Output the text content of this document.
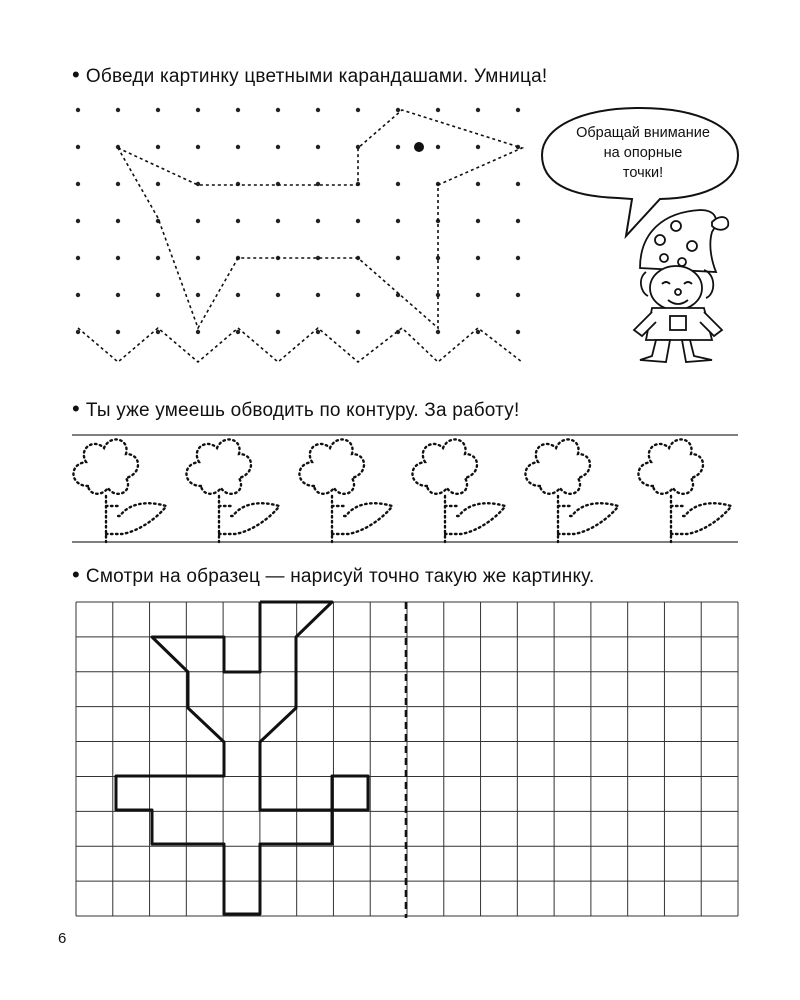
• Обведи картинку цветными карандашами. Умница!
• Ты уже умеешь обводить по контуру. За работу!
• Смотри на образец — нарисуй точно такую же картинку.
Обращай внимание
на опорные
точки!
6
